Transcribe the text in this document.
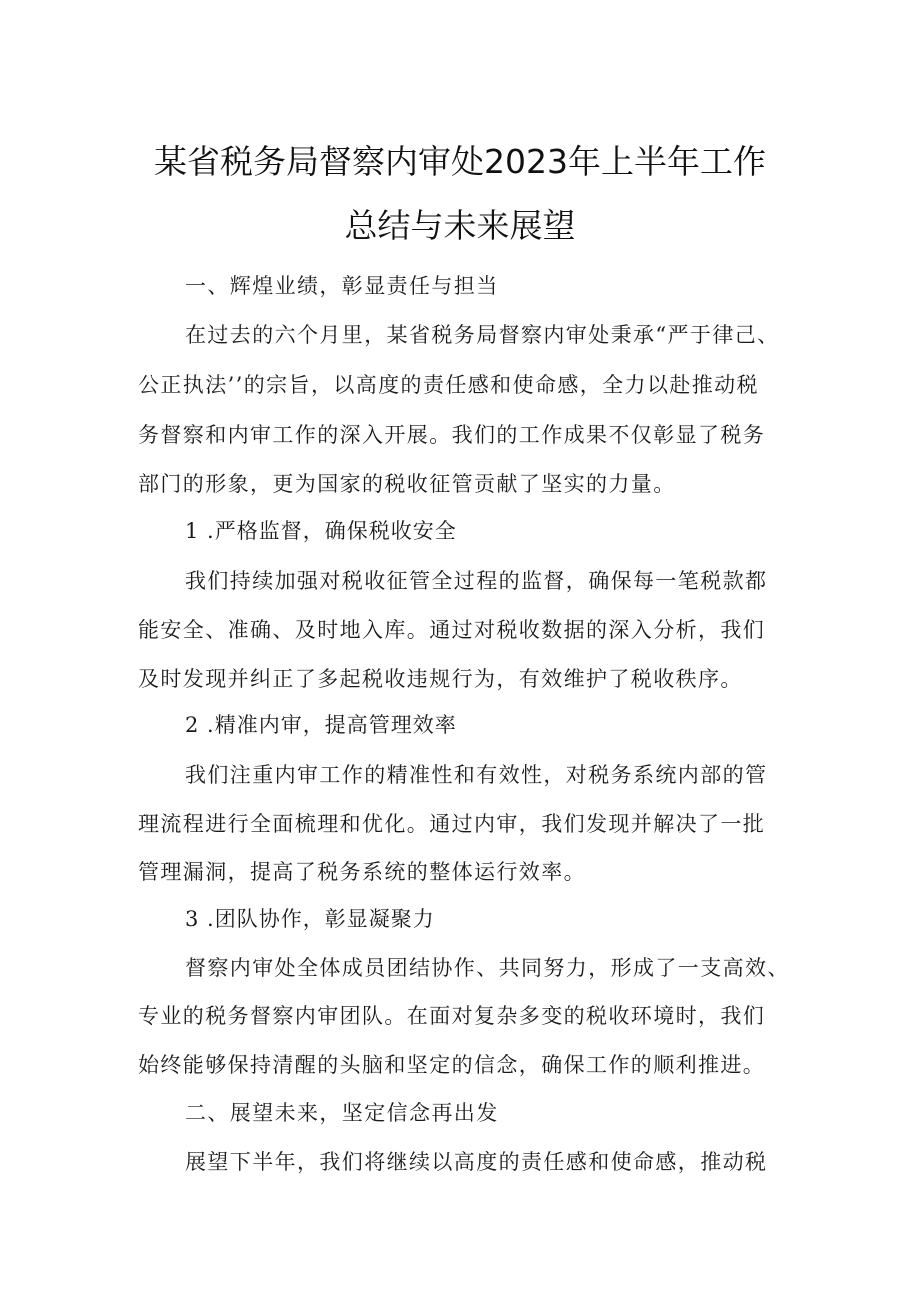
某省税务局督察内审处2023年上半年工作
总结与未来展望
一、辉煌业绩，彰显责任与担当
在过去的六个月里，某省税务局督察内审处秉承“严于律己、
公正执法’’的宗旨，以高度的责任感和使命感，全力以赴推动税
务督察和内审工作的深入开展。我们的工作成果不仅彰显了税务
部门的形象，更为国家的税收征管贡献了坚实的力量。
1 .严格监督，确保税收安全
我们持续加强对税收征管全过程的监督，确保每一笔税款都
能安全、准确、及时地入库。通过对税收数据的深入分析，我们
及时发现并纠正了多起税收违规行为，有效维护了税收秩序。
2 .精准内审，提高管理效率
我们注重内审工作的精准性和有效性，对税务系统内部的管
理流程进行全面梳理和优化。通过内审，我们发现并解决了一批
管理漏洞，提高了税务系统的整体运行效率。
3 .团队协作，彰显凝聚力
督察内审处全体成员团结协作、共同努力，形成了一支高效、
专业的税务督察内审团队。在面对复杂多变的税收环境时，我们
始终能够保持清醒的头脑和坚定的信念，确保工作的顺利推进。
二、展望未来，坚定信念再出发
展望下半年，我们将继续以高度的责任感和使命感，推动税
